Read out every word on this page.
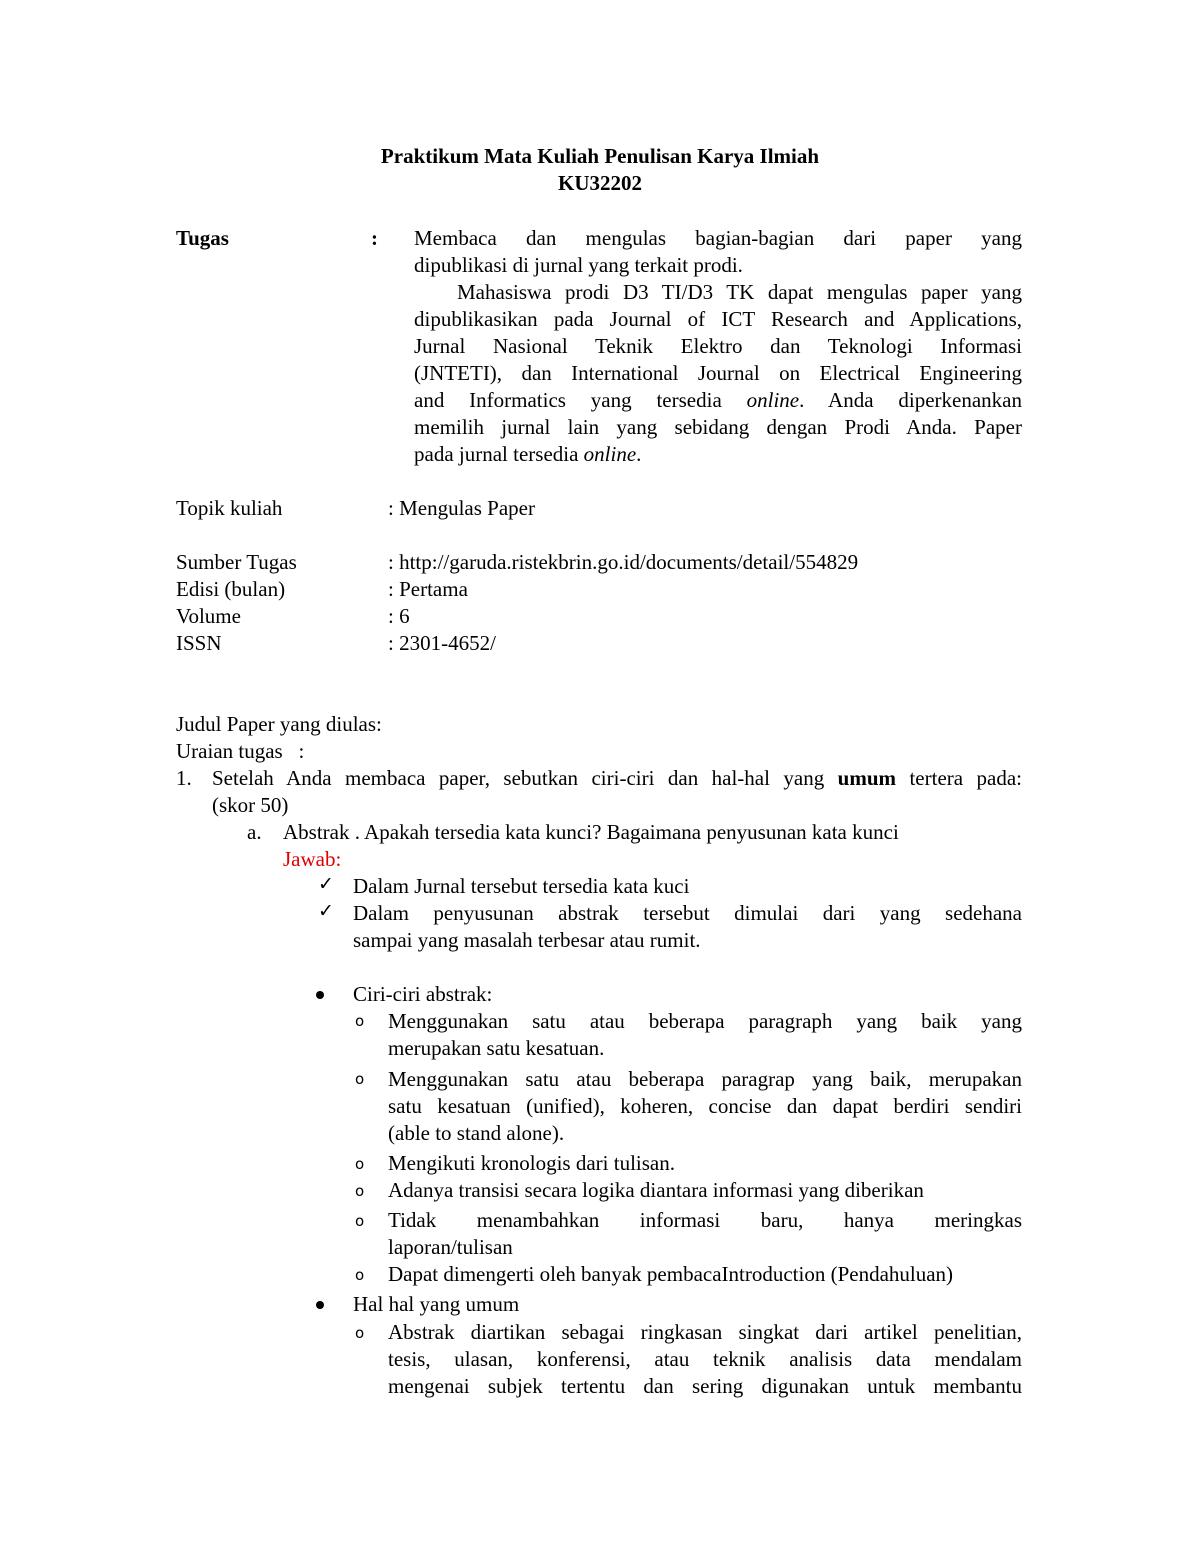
Praktikum Mata Kuliah Penulisan Karya Ilmiah
KU32202
Tugas	: Membaca dan mengulas bagian-bagian dari paper yang
dipublikasi di jurnal yang terkait prodi.
Mahasiswa prodi D3 TI/D3 TK dapat mengulas paper yang
dipublikasikan pada Journal of ICT Research and Applications,
Jurnal Nasional Teknik Elektro dan Teknologi Informasi
(JNTETI), dan International Journal on Electrical Engineering
and Informatics yang tersedia online. Anda diperkenankan
memilih jurnal lain yang sebidang dengan Prodi Anda. Paper
pada jurnal tersedia online.
Topik kuliah	: Mengulas Paper
Sumber Tugas	: http://garuda.ristekbrin.go.id/documents/detail/554829
Edisi (bulan)	: Pertama
Volume	: 6
ISSN	: 2301-4652/
Judul Paper yang diulas:
Uraian tugas   :
1. Setelah Anda membaca paper, sebutkan ciri-ciri dan hal-hal yang umum tertera pada:
(skor 50)
a. Abstrak . Apakah tersedia kata kunci? Bagaimana penyusunan kata kunci
Jawab:
✓ Dalam Jurnal tersebut tersedia kata kuci
✓ Dalam penyusunan abstrak tersebut dimulai dari yang sedehana
sampai yang masalah terbesar atau rumit.
Ciri-ciri abstrak:
o Menggunakan satu atau beberapa paragraph yang baik yang
merupakan satu kesatuan.
o Menggunakan satu atau beberapa paragrap yang baik, merupakan
satu kesatuan (unified), koheren, concise dan dapat berdiri sendiri
(able to stand alone).
o Mengikuti kronologis dari tulisan.
o Adanya transisi secara logika diantara informasi yang diberikan
o Tidak menambahkan informasi baru, hanya meringkas
laporan/tulisan
o Dapat dimengerti oleh banyak pembacaIntroduction (Pendahuluan)
Hal hal yang umum
o Abstrak diartikan sebagai ringkasan singkat dari artikel penelitian,
tesis, ulasan, konferensi, atau teknik analisis data mendalam
mengenai subjek tertentu dan sering digunakan untuk membantu
